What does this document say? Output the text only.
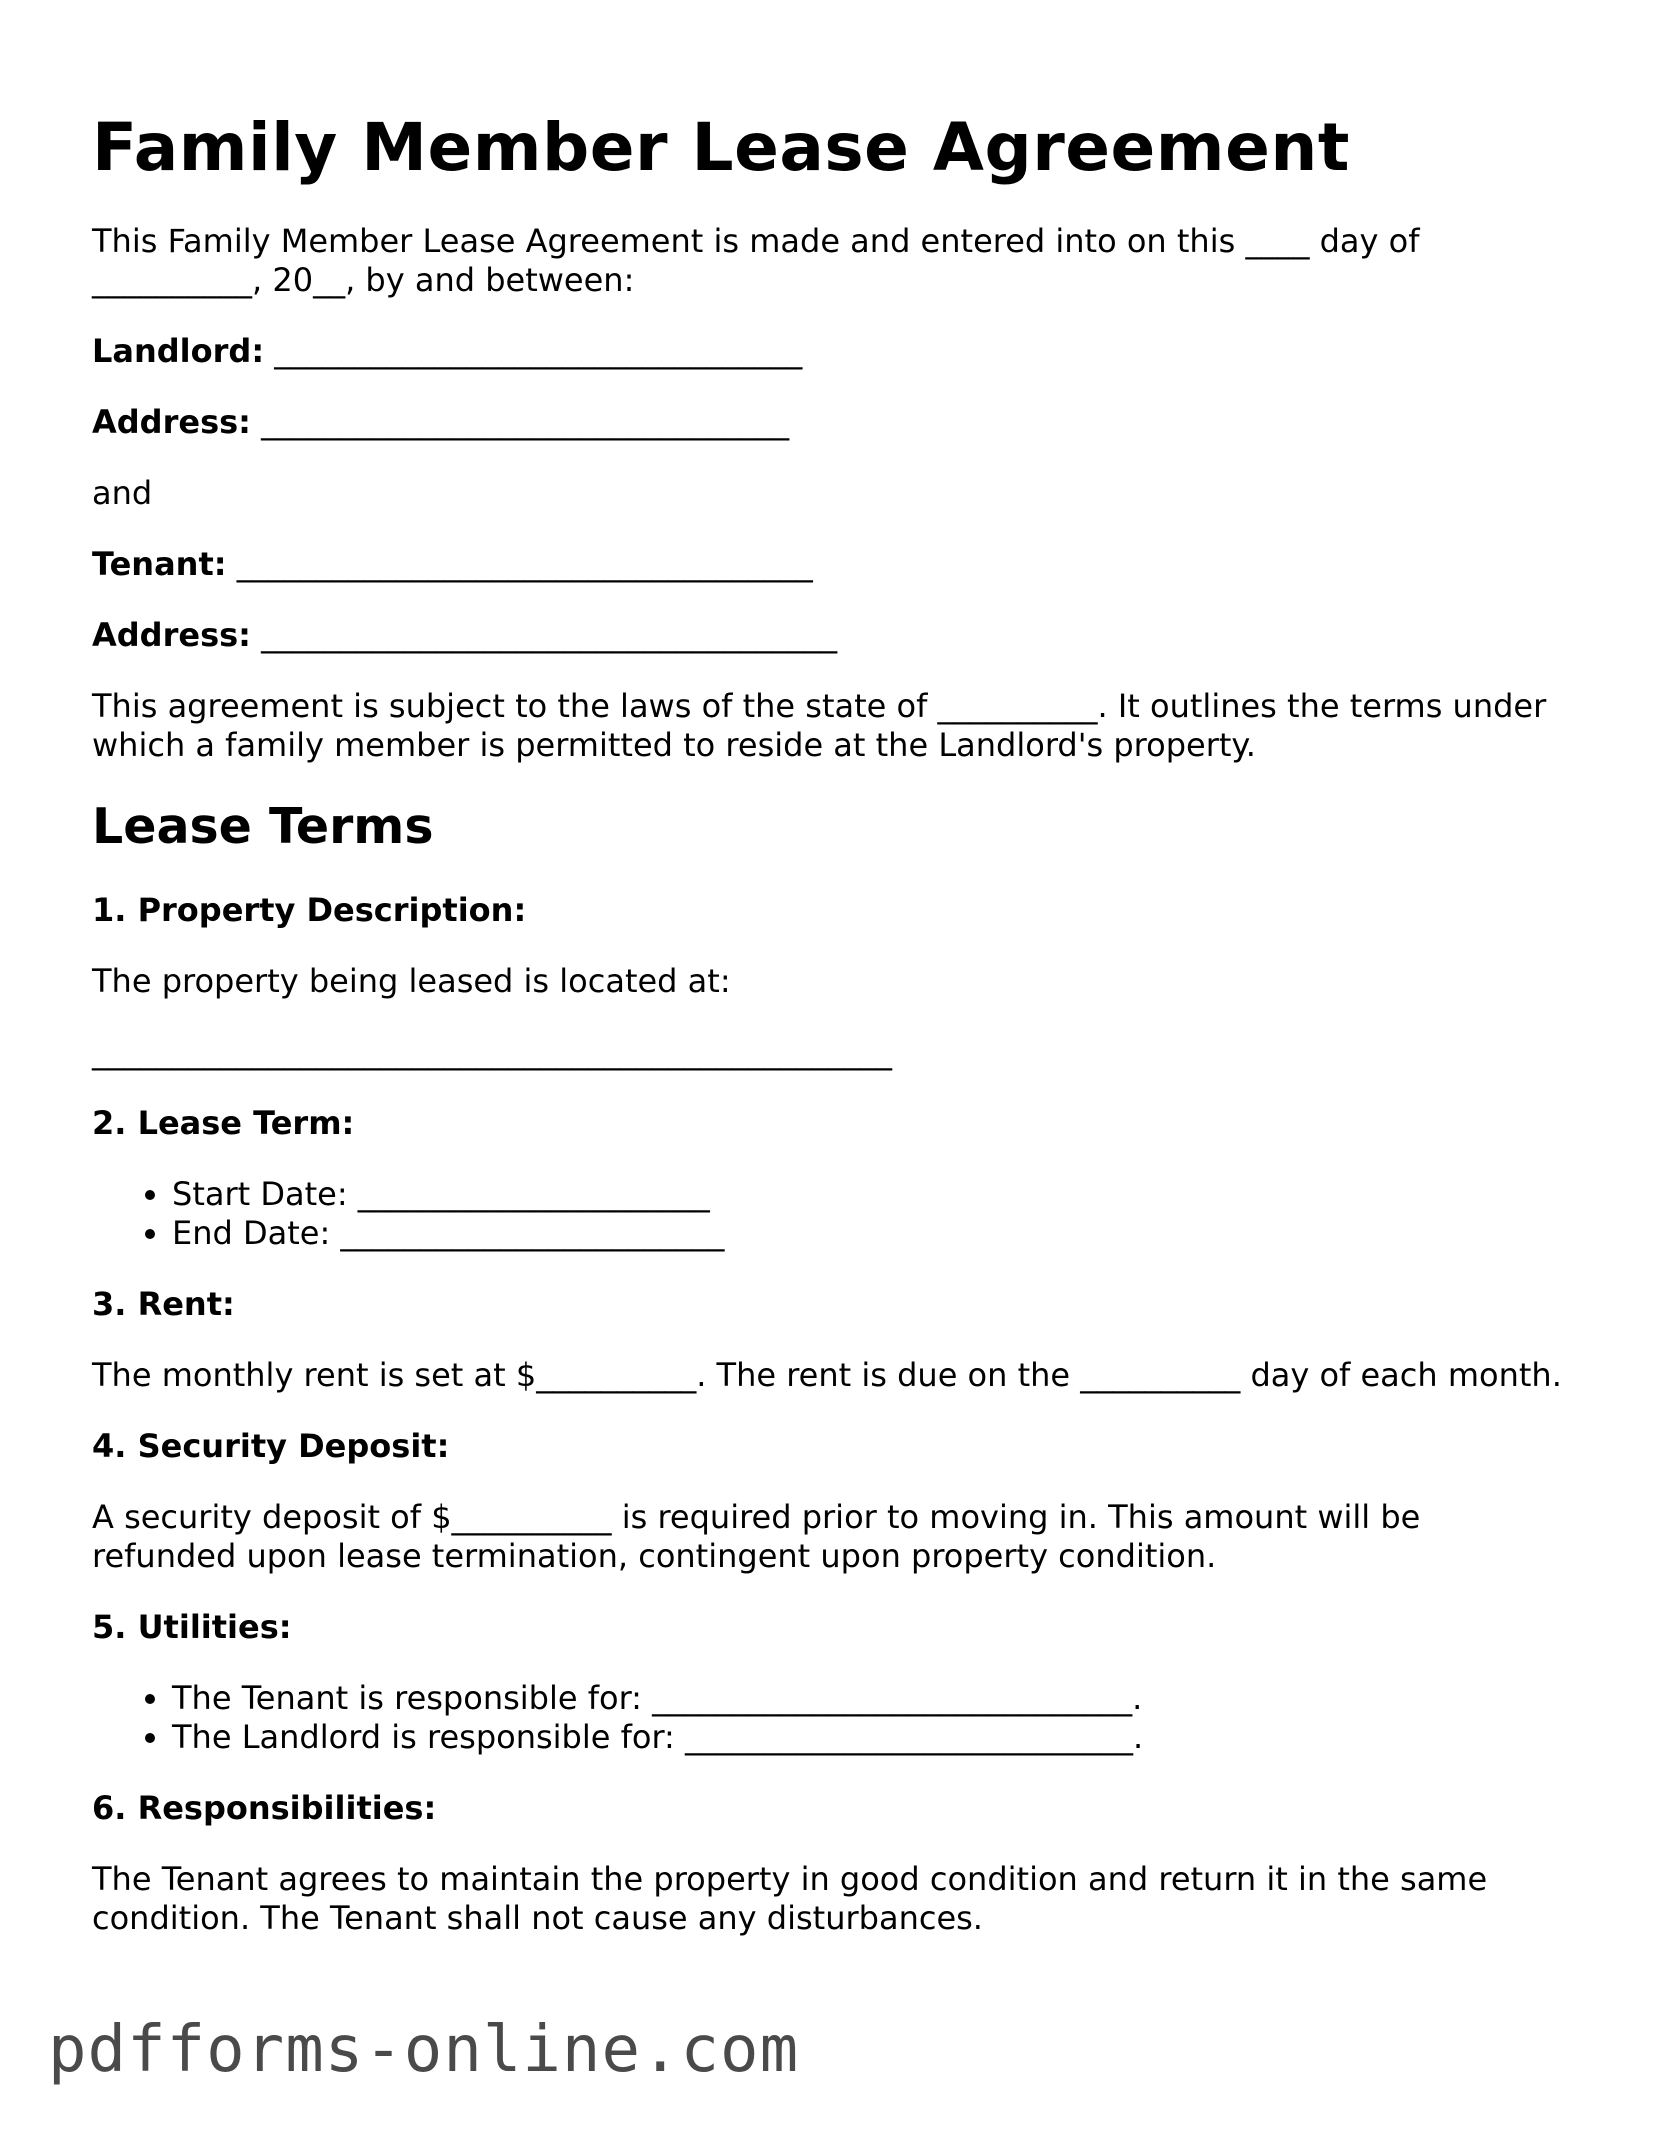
Family Member Lease Agreement

This Family Member Lease Agreement is made and entered into on this ____ day of __________, 20__, by and between:

Landlord: _________________________________

Address: _________________________________

and

Tenant: ____________________________________

Address: ____________________________________

This agreement is subject to the laws of the state of __________. It outlines the terms under which a family member is permitted to reside at the Landlord's property.

Lease Terms
1. Property Description:

The property being leased is located at:

__________________________________________________

2. Lease Term:
• Start Date: ______________________
• End Date: ________________________
3. Rent:

The monthly rent is set at $__________. The rent is due on the __________ day of each month.

4. Security Deposit:

A security deposit of $__________ is required prior to moving in. This amount will be refunded upon lease termination, contingent upon property condition.

5. Utilities:
• The Tenant is responsible for: ______________________________.
• The Landlord is responsible for: ____________________________.
6. Responsibilities:

The Tenant agrees to maintain the property in good condition and return it in the same condition. The Tenant shall not cause any disturbances.

pdfforms-online.com
